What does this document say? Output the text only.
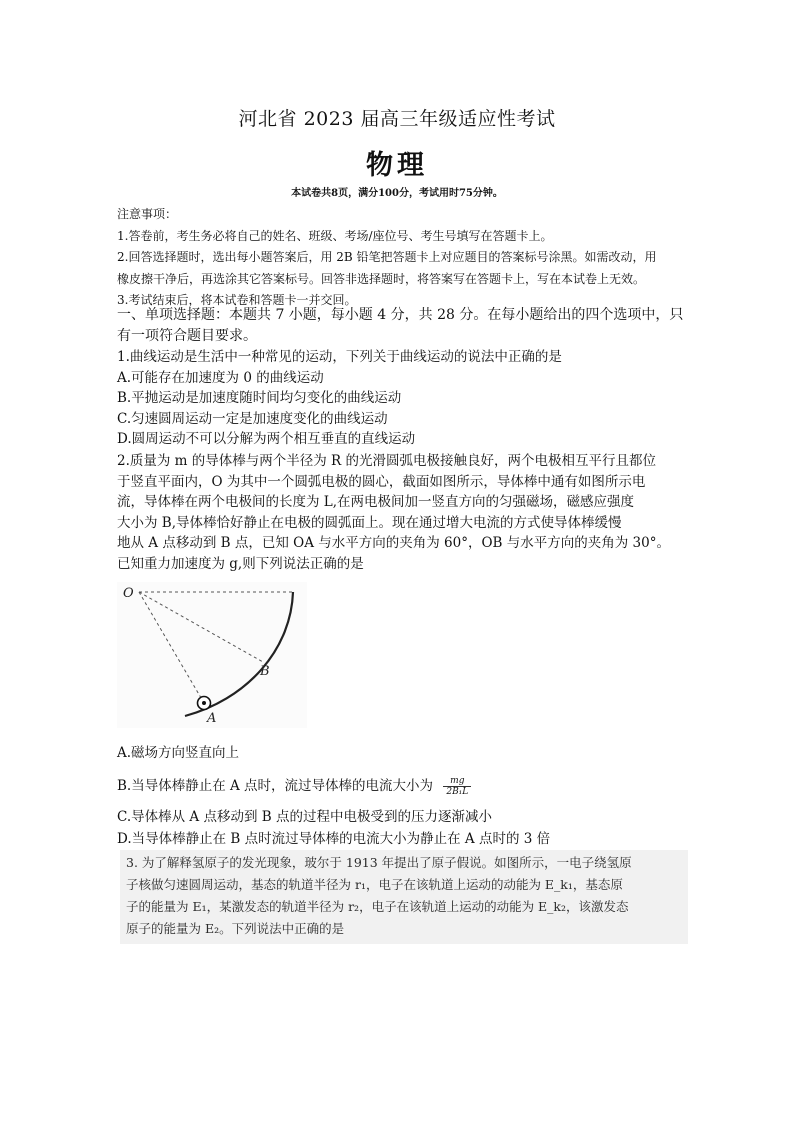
河北省 2023 届高三年级适应性考试
物理
本试卷共8页，满分100分，考试用时75分钟。

注意事项：

1.答卷前，考生务必将自己的姓名、班级、考场/座位号、考生号填写在答题卡上。

2.回答选择题时，选出每小题答案后，用 2B 铅笔把答题卡上对应题目的答案标号涂黑。如需改动，用

橡皮擦干净后，再选涂其它答案标号。回答非选择题时，将答案写在答题卡上，写在本试卷上无效。

3.考试结束后，将本试卷和答题卡一并交回。

一、单项选择题：本题共 7 小题，每小题 4 分，共 28 分。在每小题给出的四个选项中，只

有一项符合题目要求。

1.曲线运动是生活中一种常见的运动，下列关于曲线运动的说法中正确的是

A.可能存在加速度为 0 的曲线运动

B.平抛运动是加速度随时间均匀变化的曲线运动

C.匀速圆周运动一定是加速度变化的曲线运动

D.圆周运动不可以分解为两个相互垂直的直线运动

2.质量为 m 的导体棒与两个半径为 R 的光滑圆弧电极接触良好，两个电极相互平行且都位

于竖直平面内，O 为其中一个圆弧电极的圆心，截面如图所示，导体棒中通有如图所示电

流，导体棒在两个电极间的长度为 L,在两电极间加一竖直方向的匀强磁场，磁感应强度

大小为 B,导体棒恰好静止在电极的圆弧面上。现在通过增大电流的方式使导体棒缓慢

地从 A 点移动到 B 点，已知 OA 与水平方向的夹角为 60°，OB 与水平方向的夹角为 30°。

已知重力加速度为 g,则下列说法正确的是

O
B
A

A.磁场方向竖直向上

B.当导体棒静止在 A 点时，流过导体棒的电流大小为 $\frac{mg}{\text{2B₁L}}$

C.导体棒从 A 点移动到 B 点的过程中电极受到的压力逐渐减小

D.当导体棒静止在 B 点时流过导体棒的电流大小为静止在 A 点时的 3 倍

3. 为了解释氢原子的发光现象，玻尔于 1913 年提出了原子假说。如图所示，一电子绕氢原

子核做匀速圆周运动，基态的轨道半径为 r₁，电子在该轨道上运动的动能为 E_k₁，基态原

子的能量为 E₁，某激发态的轨道半径为 r₂，电子在该轨道上运动的动能为 E_k₂，该激发态

原子的能量为 E₂。下列说法中正确的是
